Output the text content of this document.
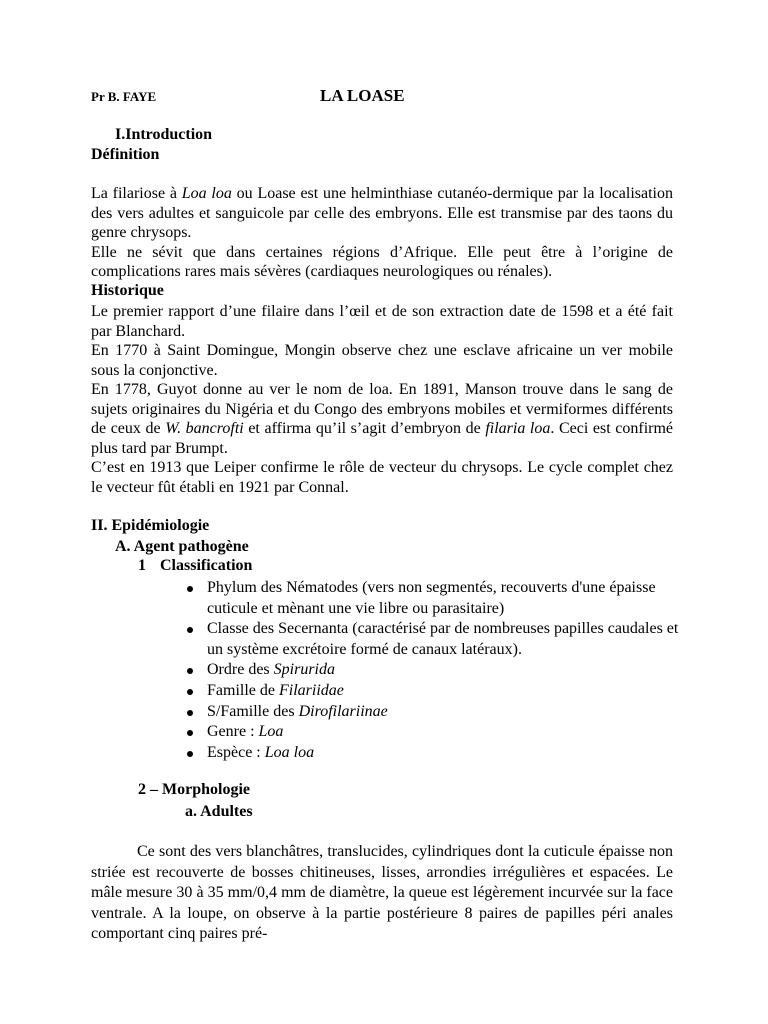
Pr B. FAYE	LA LOASE
I.Introduction
Définition

La filariose à Loa loa ou Loase est une helminthiase cutanéo-dermique par la localisation des vers adultes et sanguicole par celle des embryons. Elle est transmise par des taons du genre chrysops.

Elle ne sévit que dans certaines régions d’Afrique. Elle peut être à l’origine de complications rares mais sévères (cardiaques neurologiques ou rénales).

Historique

Le premier rapport d’une filaire dans l’œil et de son extraction date de 1598 et a été fait par Blanchard.

En 1770 à Saint Domingue, Mongin observe chez une esclave africaine un ver mobile sous la conjonctive.

En 1778, Guyot donne au ver le nom de loa. En 1891, Manson trouve dans le sang de sujets originaires du Nigéria et du Congo des embryons mobiles et vermiformes différents de ceux de W. bancrofti et affirma qu’il s’agit d’embryon de filaria loa. Ceci est confirmé plus tard par Brumpt.

C’est en 1913 que Leiper confirme le rôle de vecteur du chrysops. Le cycle complet chez le vecteur fût établi en 1921 par Connal.

II. Epidémiologie
A. Agent pathogène
1 Classification
Phylum des Nématodes (vers non segmentés, recouverts d'une épaisse cuticule et mènant une vie libre ou parasitaire)
Classe des Secernanta (caractérisé par de nombreuses papilles caudales et un système excrétoire formé de canaux latéraux).
Ordre des Spirurida
Famille de Filariidae
S/Famille des Dirofilariinae
Genre : Loa
Espèce : Loa loa
2 – Morphologie
a. Adultes
Ce sont des vers blanchâtres, translucides, cylindriques dont la cuticule épaisse non striée est recouverte de bosses chitineuses, lisses, arrondies irrégulières et espacées. Le mâle mesure 30 à 35 mm/0,4 mm de diamètre, la queue est légèrement incurvée sur la face ventrale. A la loupe, on observe à la partie postérieure 8 paires de papilles péri anales comportant cinq paires pré-
